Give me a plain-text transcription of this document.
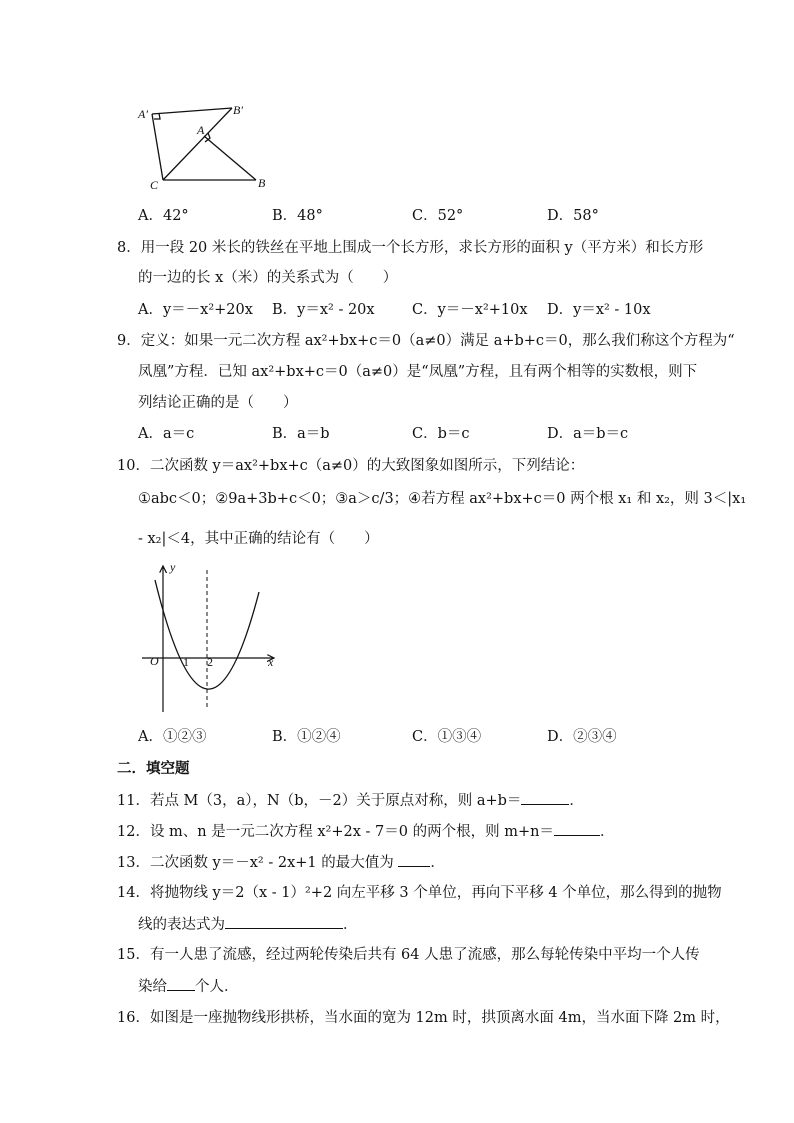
A′	B′
A
C	B
A．42°	B．48°	C．52°	D．58°
8．用一段 20 米长的铁丝在平地上围成一个长方形，求长方形的面积 y（平方米）和长方形
的一边的长 x（米）的关系式为（　　）
A．y＝－x²+20x B．y＝x² - 20x	C．y＝－x²+10x D．y＝x² - 10x
9．定义：如果一元二次方程 ax²+bx+c＝0（a≠0）满足 a+b+c＝0，那么我们称这个方程为“
凤凰”方程．已知 ax²+bx+c＝0（a≠0）是“凤凰”方程，且有两个相等的实数根，则下
列结论正确的是（　　）
A．a＝c	B．a＝b	C．b＝c	D．a＝b＝c
10．二次函数 y＝ax²+bx+c（a≠0）的大致图象如图所示，下列结论：
①abc＜0；②9a+3b+c＜0；③a＞c/3；④若方程 ax²+bx+c＝0 两个根 x₁ 和 x₂，则 3＜|x₁
- x₂|＜4，其中正确的结论有（　　）
y
x
O 1 2
A．①②③	B．①②④	C．①③④	D．②③④
二．填空题
11．若点 M（3，a），N（b，－2）关于原点对称，则 a+b＝	．
12．设 m、n 是一元二次方程 x²+2x - 7＝0 的两个根，则 m+n＝	．
13．二次函数 y＝－x² - 2x+1 的最大值为 ．
14．将抛物线 y＝2（x - 1）²+2 向左平移 3 个单位，再向下平移 4 个单位，那么得到的抛物
线的表达式为	．
15．有一人患了流感，经过两轮传染后共有 64 人患了流感，那么每轮传染中平均一个人传
染给 个人．
16．如图是一座抛物线形拱桥，当水面的宽为 12m 时，拱顶离水面 4m，当水面下降 2m 时，
